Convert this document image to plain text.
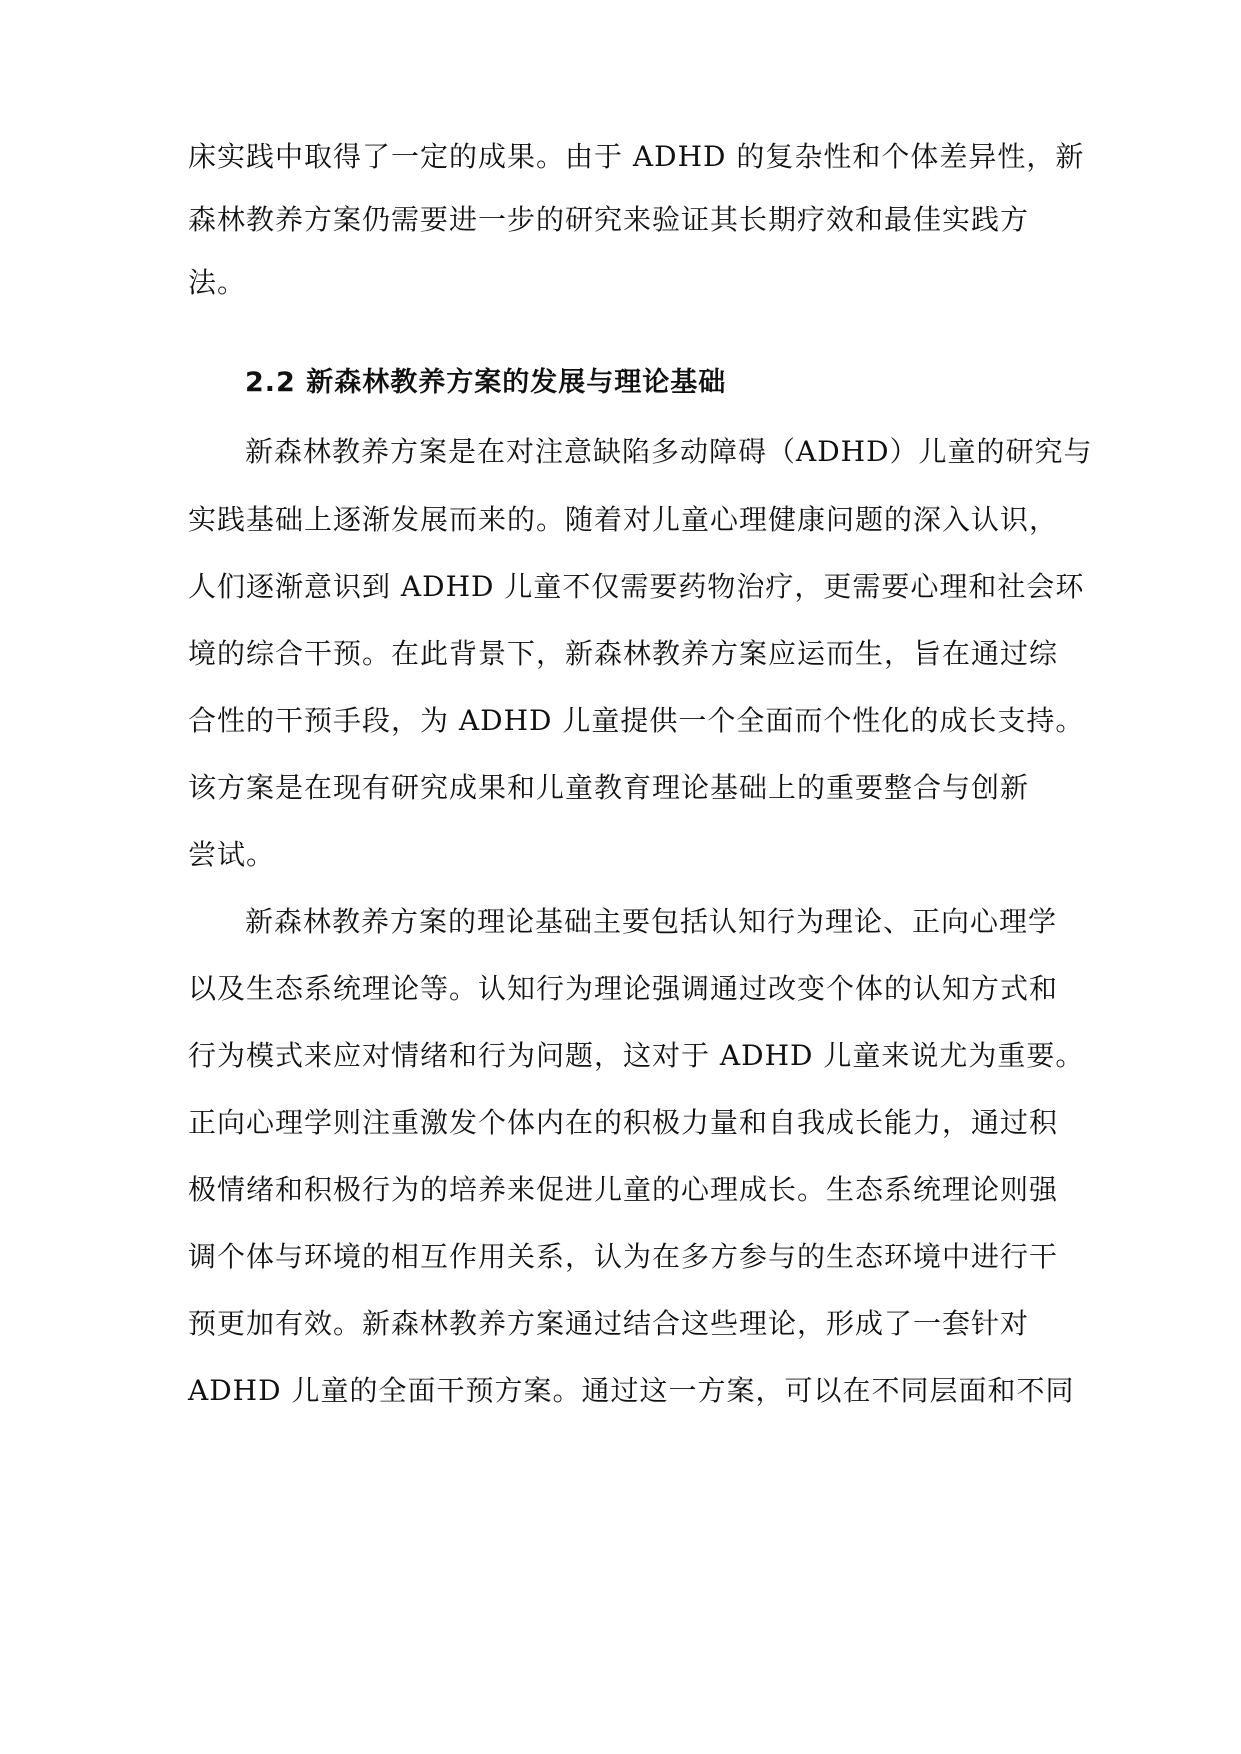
床实践中取得了一定的成果。由于 ADHD 的复杂性和个体差异性，新
森林教养方案仍需要进一步的研究来验证其长期疗效和最佳实践方
法。
2.2 新森林教养方案的发展与理论基础
新森林教养方案是在对注意缺陷多动障碍（ADHD）儿童的研究与
实践基础上逐渐发展而来的。随着对儿童心理健康问题的深入认识，
人们逐渐意识到 ADHD 儿童不仅需要药物治疗，更需要心理和社会环
境的综合干预。在此背景下，新森林教养方案应运而生，旨在通过综
合性的干预手段，为 ADHD 儿童提供一个全面而个性化的成长支持。
该方案是在现有研究成果和儿童教育理论基础上的重要整合与创新
尝试。
新森林教养方案的理论基础主要包括认知行为理论、正向心理学
以及生态系统理论等。认知行为理论强调通过改变个体的认知方式和
行为模式来应对情绪和行为问题，这对于 ADHD 儿童来说尤为重要。
正向心理学则注重激发个体内在的积极力量和自我成长能力，通过积
极情绪和积极行为的培养来促进儿童的心理成长。生态系统理论则强
调个体与环境的相互作用关系，认为在多方参与的生态环境中进行干
预更加有效。新森林教养方案通过结合这些理论，形成了一套针对
ADHD 儿童的全面干预方案。通过这一方案，可以在不同层面和不同
